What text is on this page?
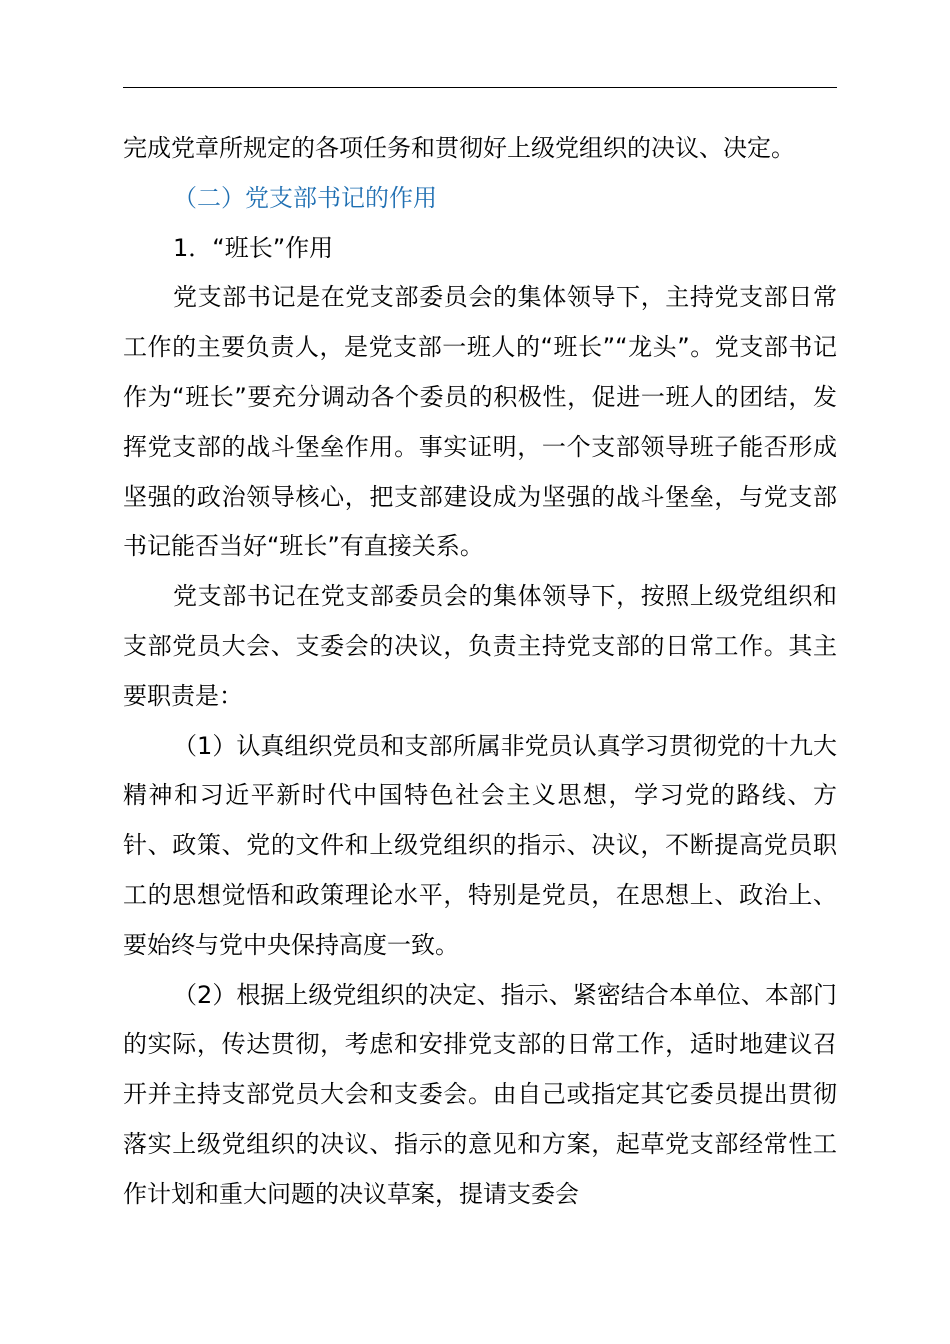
完成党章所规定的各项任务和贯彻好上级党组织的决议、决定。

（二）党支部书记的作用

1．“班长”作用

党支部书记是在党支部委员会的集体领导下，主持党支部日常工作的主要负责人，是党支部一班人的“班长”“龙头”。党支部书记作为“班长”要充分调动各个委员的积极性，促进一班人的团结，发挥党支部的战斗堡垒作用。事实证明，一个支部领导班子能否形成坚强的政治领导核心，把支部建设成为坚强的战斗堡垒，与党支部书记能否当好“班长”有直接关系。

党支部书记在党支部委员会的集体领导下，按照上级党组织和支部党员大会、支委会的决议，负责主持党支部的日常工作。其主要职责是：

（1）认真组织党员和支部所属非党员认真学习贯彻党的十九大精神和习近平新时代中国特色社会主义思想，学习党的路线、方针、政策、党的文件和上级党组织的指示、决议，不断提高党员职工的思想觉悟和政策理论水平，特别是党员，在思想上、政治上、要始终与党中央保持高度一致。

（2）根据上级党组织的决定、指示、紧密结合本单位、本部门的实际，传达贯彻，考虑和安排党支部的日常工作，适时地建议召开并主持支部党员大会和支委会。由自己或指定其它委员提出贯彻落实上级党组织的决议、指示的意见和方案，起草党支部经常性工作计划和重大问题的决议草案，提请支委会
